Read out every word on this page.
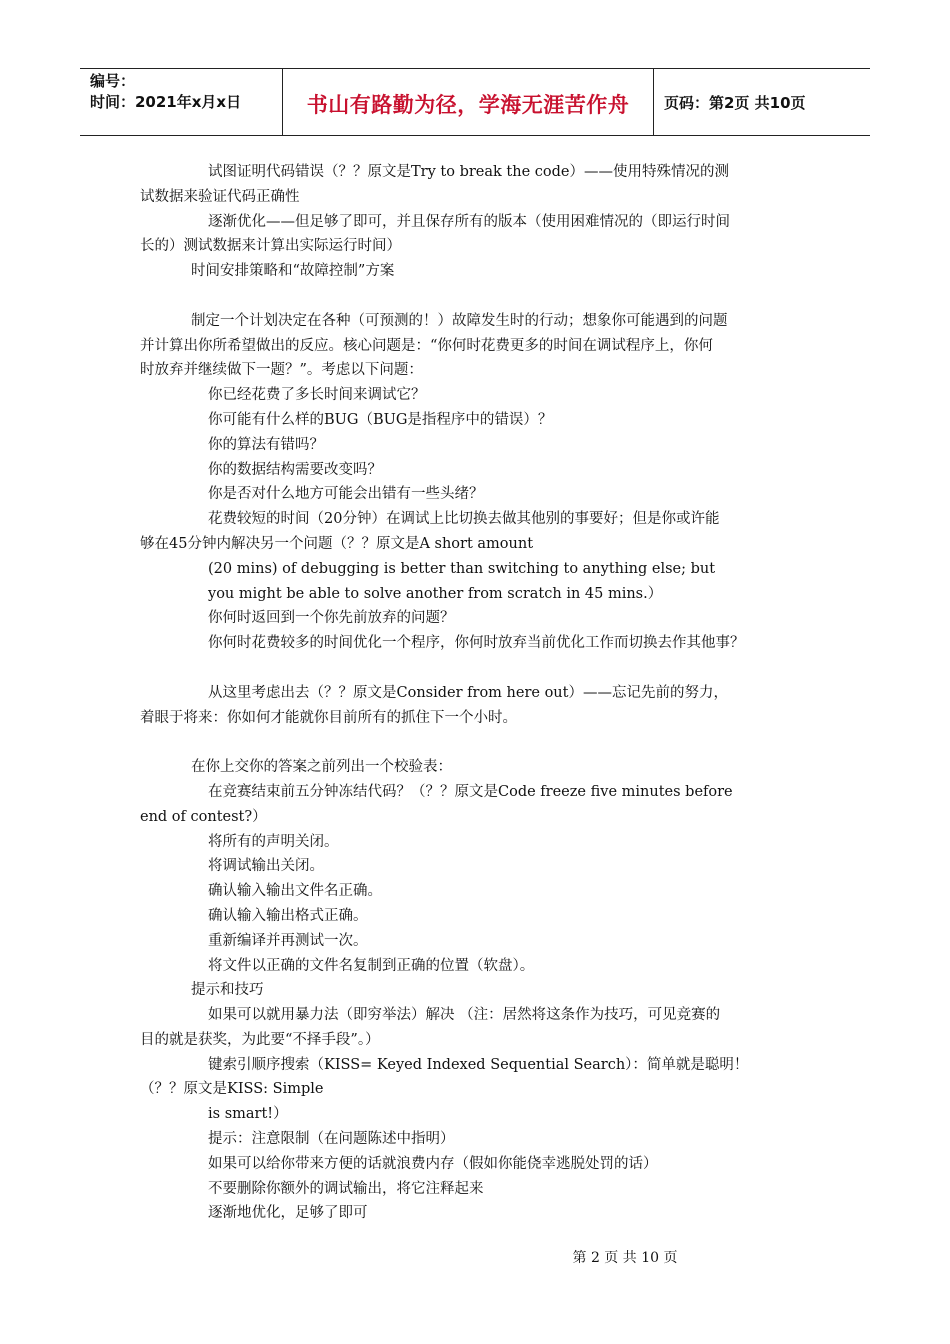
编号：
时间：2021年x月x日	书山有路勤为径，学海无涯苦作舟	页码：第2页 共10页
试图证明代码错误（？？原文是Try to break the code）——使用特殊情况的测
试数据来验证代码正确性
逐渐优化——但足够了即可，并且保存所有的版本（使用困难情况的（即运行时间
长的）测试数据来计算出实际运行时间）
时间安排策略和“故障控制”方案
制定一个计划决定在各种（可预测的！）故障发生时的行动；想象你可能遇到的问题
并计算出你所希望做出的反应。核心问题是：“你何时花费更多的时间在调试程序上，你何
时放弃并继续做下一题？”。考虑以下问题：
你已经花费了多长时间来调试它？
你可能有什么样的BUG（BUG是指程序中的错误）？
你的算法有错吗？
你的数据结构需要改变吗？
你是否对什么地方可能会出错有一些头绪？
花费较短的时间（20分钟）在调试上比切换去做其他别的事要好；但是你或许能
够在45分钟内解决另一个问题（？？原文是A short amount
(20 mins) of debugging is better than switching to anything else; but
you might be able to solve another from scratch in 45 mins.）
你何时返回到一个你先前放弃的问题？
你何时花费较多的时间优化一个程序，你何时放弃当前优化工作而切换去作其他事？
从这里考虑出去（？？原文是Consider from here out）——忘记先前的努力，
着眼于将来：你如何才能就你目前所有的抓住下一个小时。
在你上交你的答案之前列出一个校验表：
在竞赛结束前五分钟冻结代码？（？？原文是Code freeze five minutes before
end of contest?）
将所有的声明关闭。
将调试输出关闭。
确认输入输出文件名正确。
确认输入输出格式正确。
重新编译并再测试一次。
将文件以正确的文件名复制到正确的位置（软盘）。
提示和技巧
如果可以就用暴力法（即穷举法）解决 （注：居然将这条作为技巧，可见竞赛的
目的就是获奖，为此要“不择手段”。）
键索引顺序搜索（KISS= Keyed Indexed Sequential Search）：简单就是聪明！
（？？原文是KISS: Simple
is smart!）
提示：注意限制（在问题陈述中指明）
如果可以给你带来方便的话就浪费内存（假如你能侥幸逃脱处罚的话）
不要删除你额外的调试输出，将它注释起来
逐渐地优化，足够了即可
第 2 页 共 10 页
